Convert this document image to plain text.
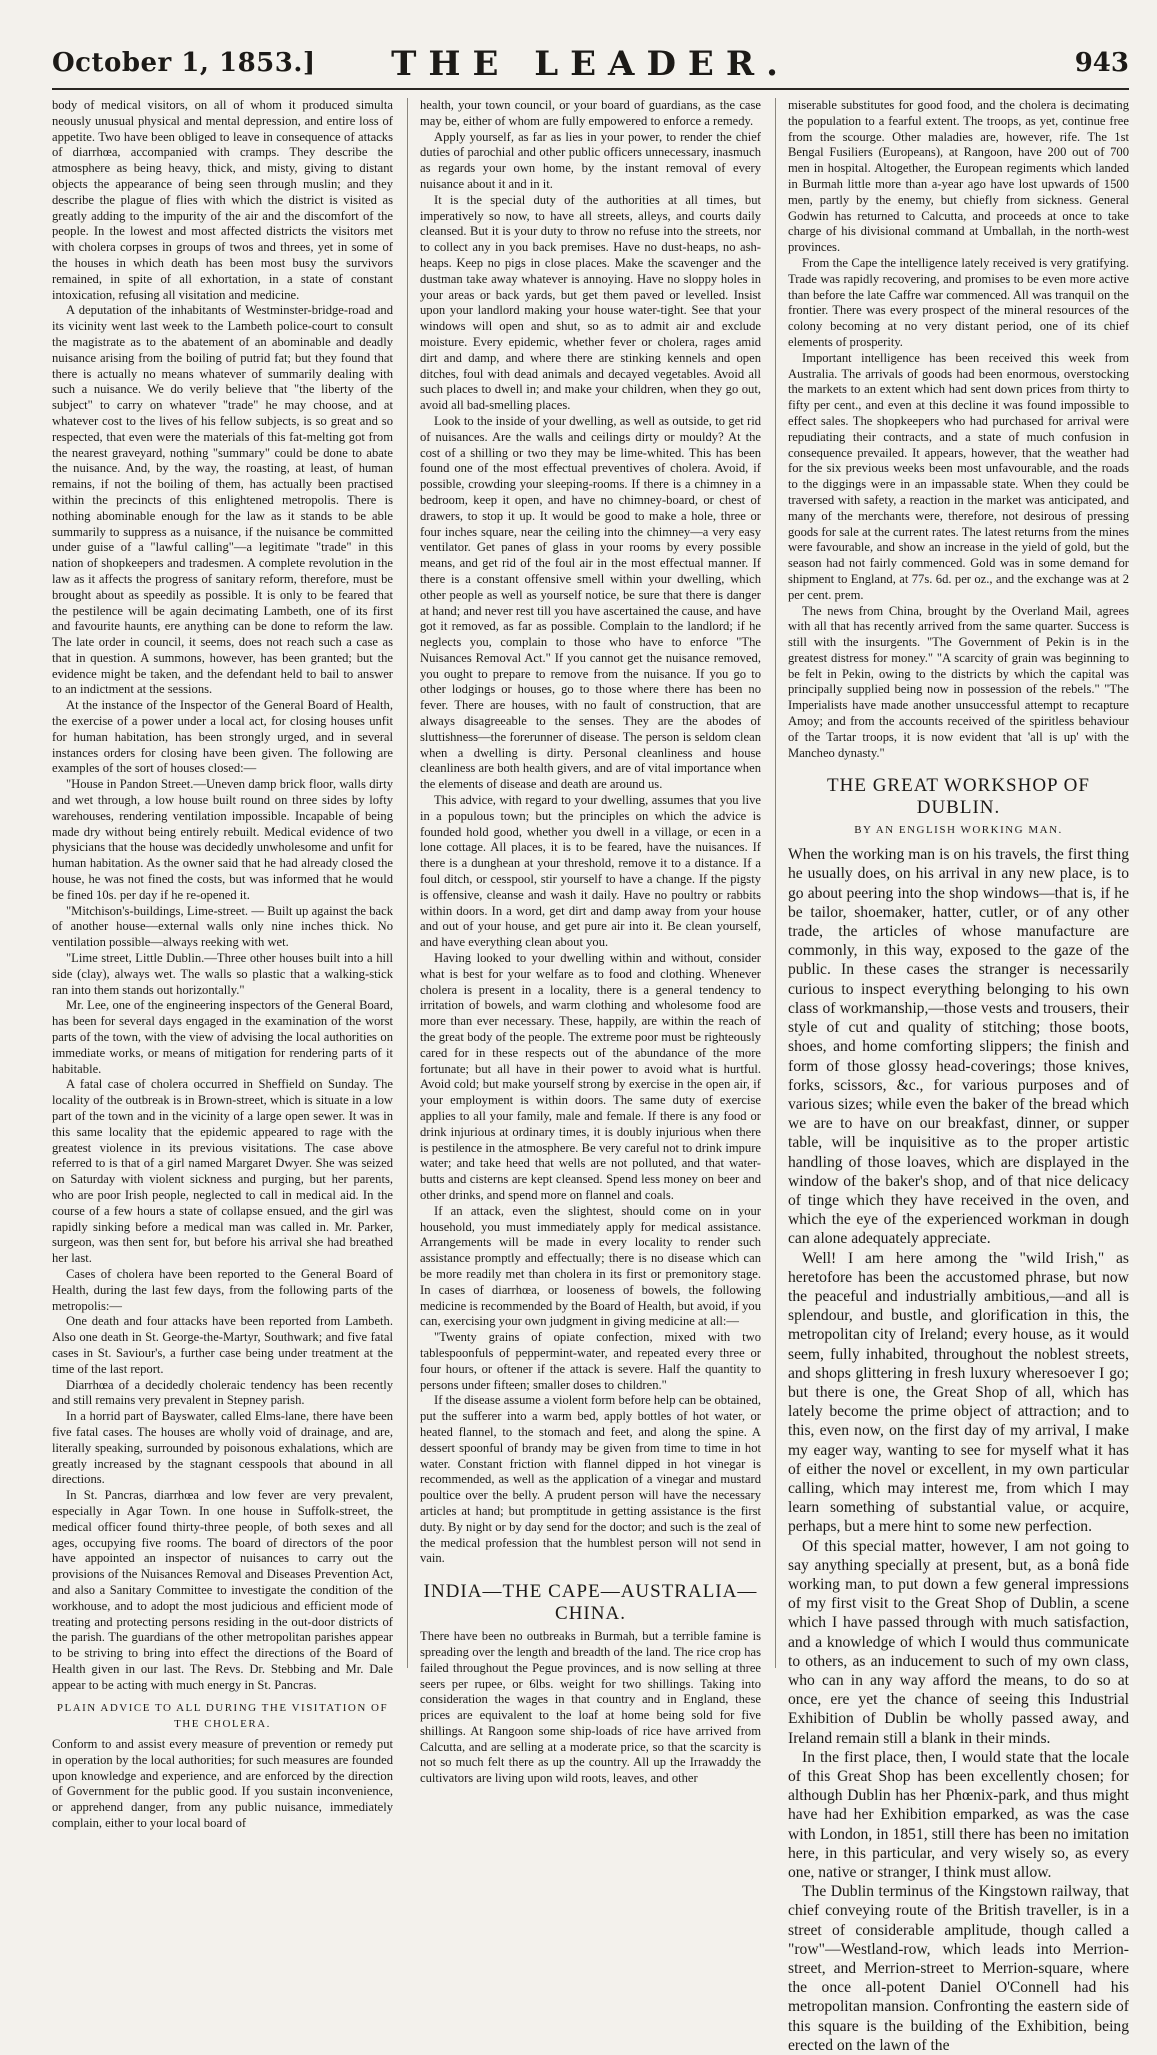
October 1, 1853.]	THE LEADER.	943

body of medical visitors, on all of whom it produced simulta neously unusual physical and mental depression, and entire loss of appetite. Two have been obliged to leave in consequence of attacks of diarrhœa, accompanied with cramps. They describe the atmosphere as being heavy, thick, and misty, giving to distant objects the appearance of being seen through muslin; and they describe the plague of flies with which the district is visited as greatly adding to the impurity of the air and the discomfort of the people. In the lowest and most affected districts the visitors met with cholera corpses in groups of twos and threes, yet in some of the houses in which death has been most busy the survivors remained, in spite of all exhortation, in a state of constant intoxication, refusing all visitation and medicine.

A deputation of the inhabitants of Westminster-bridge-road and its vicinity went last week to the Lambeth police-court to consult the magistrate as to the abatement of an abominable and deadly nuisance arising from the boiling of putrid fat; but they found that there is actually no means whatever of summarily dealing with such a nuisance. We do verily believe that "the liberty of the subject" to carry on whatever "trade" he may choose, and at whatever cost to the lives of his fellow subjects, is so great and so respected, that even were the materials of this fat-melting got from the nearest graveyard, nothing "summary" could be done to abate the nuisance. And, by the way, the roasting, at least, of human remains, if not the boiling of them, has actually been practised within the precincts of this enlightened metropolis. There is nothing abominable enough for the law as it stands to be able summarily to suppress as a nuisance, if the nuisance be committed under guise of a "lawful calling"—a legitimate "trade" in this nation of shopkeepers and tradesmen. A complete revolution in the law as it affects the progress of sanitary reform, therefore, must be brought about as speedily as possible. It is only to be feared that the pestilence will be again decimating Lambeth, one of its first and favourite haunts, ere anything can be done to reform the law. The late order in council, it seems, does not reach such a case as that in question. A summons, however, has been granted; but the evidence might be taken, and the defendant held to bail to answer to an indictment at the sessions.

At the instance of the Inspector of the General Board of Health, the exercise of a power under a local act, for closing houses unfit for human habitation, has been strongly urged, and in several instances orders for closing have been given. The following are examples of the sort of houses closed:—

"House in Pandon Street.—Uneven damp brick floor, walls dirty and wet through, a low house built round on three sides by lofty warehouses, rendering ventilation impossible. Incapable of being made dry without being entirely rebuilt. Medical evidence of two physicians that the house was decidedly unwholesome and unfit for human habitation. As the owner said that he had already closed the house, he was not fined the costs, but was informed that he would be fined 10s. per day if he re-opened it.

"Mitchison's-buildings, Lime-street. — Built up against the back of another house—external walls only nine inches thick. No ventilation possible—always reeking with wet.

"Lime street, Little Dublin.—Three other houses built into a hill side (clay), always wet. The walls so plastic that a walking-stick ran into them stands out horizontally."

Mr. Lee, one of the engineering inspectors of the General Board, has been for several days engaged in the examination of the worst parts of the town, with the view of advising the local authorities on immediate works, or means of mitigation for rendering parts of it habitable.

A fatal case of cholera occurred in Sheffield on Sunday. The locality of the outbreak is in Brown-street, which is situate in a low part of the town and in the vicinity of a large open sewer. It was in this same locality that the epidemic appeared to rage with the greatest violence in its previous visitations. The case above referred to is that of a girl named Margaret Dwyer. She was seized on Saturday with violent sickness and purging, but her parents, who are poor Irish people, neglected to call in medical aid. In the course of a few hours a state of collapse ensued, and the girl was rapidly sinking before a medical man was called in. Mr. Parker, surgeon, was then sent for, but before his arrival she had breathed her last.

Cases of cholera have been reported to the General Board of Health, during the last few days, from the following parts of the metropolis:—

One death and four attacks have been reported from Lambeth. Also one death in St. George-the-Martyr, Southwark; and five fatal cases in St. Saviour's, a further case being under treatment at the time of the last report.

Diarrhœa of a decidedly choleraic tendency has been recently and still remains very prevalent in Stepney parish.

In a horrid part of Bayswater, called Elms-lane, there have been five fatal cases. The houses are wholly void of drainage, and are, literally speaking, surrounded by poisonous exhalations, which are greatly increased by the stagnant cesspools that abound in all directions.

In St. Pancras, diarrhœa and low fever are very prevalent, especially in Agar Town. In one house in Suffolk-street, the medical officer found thirty-three people, of both sexes and all ages, occupying five rooms. The board of directors of the poor have appointed an inspector of nuisances to carry out the provisions of the Nuisances Removal and Diseases Prevention Act, and also a Sanitary Committee to investigate the condition of the workhouse, and to adopt the most judicious and efficient mode of treating and protecting persons residing in the out-door districts of the parish. The guardians of the other metropolitan parishes appear to be striving to bring into effect the directions of the Board of Health given in our last. The Revs. Dr. Stebbing and Mr. Dale appear to be acting with much energy in St. Pancras.

PLAIN ADVICE TO ALL DURING THE VISITATION OF THE CHOLERA.

Conform to and assist every measure of prevention or remedy put in operation by the local authorities; for such measures are founded upon knowledge and experience, and are enforced by the direction of Government for the public good. If you sustain inconvenience, or apprehend danger, from any public nuisance, immediately complain, either to your local board of

health, your town council, or your board of guardians, as the case may be, either of whom are fully empowered to enforce a remedy.

Apply yourself, as far as lies in your power, to render the chief duties of parochial and other public officers unnecessary, inasmuch as regards your own home, by the instant removal of every nuisance about it and in it.

It is the special duty of the authorities at all times, but imperatively so now, to have all streets, alleys, and courts daily cleansed. But it is your duty to throw no refuse into the streets, nor to collect any in you back premises. Have no dust-heaps, no ash-heaps. Keep no pigs in close places. Make the scavenger and the dustman take away whatever is annoying. Have no sloppy holes in your areas or back yards, but get them paved or levelled. Insist upon your landlord making your house water-tight. See that your windows will open and shut, so as to admit air and exclude moisture. Every epidemic, whether fever or cholera, rages amid dirt and damp, and where there are stinking kennels and open ditches, foul with dead animals and decayed vegetables. Avoid all such places to dwell in; and make your children, when they go out, avoid all bad-smelling places.

Look to the inside of your dwelling, as well as outside, to get rid of nuisances. Are the walls and ceilings dirty or mouldy? At the cost of a shilling or two they may be lime-whited. This has been found one of the most effectual preventives of cholera. Avoid, if possible, crowding your sleeping-rooms. If there is a chimney in a bedroom, keep it open, and have no chimney-board, or chest of drawers, to stop it up. It would be good to make a hole, three or four inches square, near the ceiling into the chimney—a very easy ventilator. Get panes of glass in your rooms by every possible means, and get rid of the foul air in the most effectual manner. If there is a constant offensive smell within your dwelling, which other people as well as yourself notice, be sure that there is danger at hand; and never rest till you have ascertained the cause, and have got it removed, as far as possible. Complain to the landlord; if he neglects you, complain to those who have to enforce "The Nuisances Removal Act." If you cannot get the nuisance removed, you ought to prepare to remove from the nuisance. If you go to other lodgings or houses, go to those where there has been no fever. There are houses, with no fault of construction, that are always disagreeable to the senses. They are the abodes of sluttishness—the forerunner of disease. The person is seldom clean when a dwelling is dirty. Personal cleanliness and house cleanliness are both health givers, and are of vital importance when the elements of disease and death are around us.

This advice, with regard to your dwelling, assumes that you live in a populous town; but the principles on which the advice is founded hold good, whether you dwell in a village, or ecen in a lone cottage. All places, it is to be feared, have the nuisances. If there is a dunghean at your threshold, remove it to a distance. If a foul ditch, or cesspool, stir yourself to have a change. If the pigsty is offensive, cleanse and wash it daily. Have no poultry or rabbits within doors. In a word, get dirt and damp away from your house and out of your house, and get pure air into it. Be clean yourself, and have everything clean about you.

Having looked to your dwelling within and without, consider what is best for your welfare as to food and clothing. Whenever cholera is present in a locality, there is a general tendency to irritation of bowels, and warm clothing and wholesome food are more than ever necessary. These, happily, are within the reach of the great body of the people. The extreme poor must be righteously cared for in these respects out of the abundance of the more fortunate; but all have in their power to avoid what is hurtful. Avoid cold; but make yourself strong by exercise in the open air, if your employment is within doors. The same duty of exercise applies to all your family, male and female. If there is any food or drink injurious at ordinary times, it is doubly injurious when there is pestilence in the atmosphere. Be very careful not to drink impure water; and take heed that wells are not polluted, and that water-butts and cisterns are kept cleansed. Spend less money on beer and other drinks, and spend more on flannel and coals.

If an attack, even the slightest, should come on in your household, you must immediately apply for medical assistance. Arrangements will be made in every locality to render such assistance promptly and effectually; there is no disease which can be more readily met than cholera in its first or premonitory stage. In cases of diarrhœa, or looseness of bowels, the following medicine is recommended by the Board of Health, but avoid, if you can, exercising your own judgment in giving medicine at all:—

"Twenty grains of opiate confection, mixed with two tablespoonfuls of peppermint-water, and repeated every three or four hours, or oftener if the attack is severe. Half the quantity to persons under fifteen; smaller doses to children."

If the disease assume a violent form before help can be obtained, put the sufferer into a warm bed, apply bottles of hot water, or heated flannel, to the stomach and feet, and along the spine. A dessert spoonful of brandy may be given from time to time in hot water. Constant friction with flannel dipped in hot vinegar is recommended, as well as the application of a vinegar and mustard poultice over the belly. A prudent person will have the necessary articles at hand; but promptitude in getting assistance is the first duty. By night or by day send for the doctor; and such is the zeal of the medical profession that the humblest person will not send in vain.

INDIA—THE CAPE—AUSTRALIA—CHINA.

There have been no outbreaks in Burmah, but a terrible famine is spreading over the length and breadth of the land. The rice crop has failed throughout the Pegue provinces, and is now selling at three seers per rupee, or 6lbs. weight for two shillings. Taking into consideration the wages in that country and in England, these prices are equivalent to the loaf at home being sold for five shillings. At Rangoon some ship-loads of rice have arrived from Calcutta, and are selling at a moderate price, so that the scarcity is not so much felt there as up the country. All up the Irrawaddy the cultivators are living upon wild roots, leaves, and other

miserable substitutes for good food, and the cholera is decimating the population to a fearful extent. The troops, as yet, continue free from the scourge. Other maladies are, however, rife. The 1st Bengal Fusiliers (Europeans), at Rangoon, have 200 out of 700 men in hospital. Altogether, the European regiments which landed in Burmah little more than a-year ago have lost upwards of 1500 men, partly by the enemy, but chiefly from sickness. General Godwin has returned to Calcutta, and proceeds at once to take charge of his divisional command at Umballah, in the north-west provinces.

From the Cape the intelligence lately received is very gratifying. Trade was rapidly recovering, and promises to be even more active than before the late Caffre war commenced. All was tranquil on the frontier. There was every prospect of the mineral resources of the colony becoming at no very distant period, one of its chief elements of prosperity.

Important intelligence has been received this week from Australia. The arrivals of goods had been enormous, overstocking the markets to an extent which had sent down prices from thirty to fifty per cent., and even at this decline it was found impossible to effect sales. The shopkeepers who had purchased for arrival were repudiating their contracts, and a state of much confusion in consequence prevailed. It appears, however, that the weather had for the six previous weeks been most unfavourable, and the roads to the diggings were in an impassable state. When they could be traversed with safety, a reaction in the market was anticipated, and many of the merchants were, therefore, not desirous of pressing goods for sale at the current rates. The latest returns from the mines were favourable, and show an increase in the yield of gold, but the season had not fairly commenced. Gold was in some demand for shipment to England, at 77s. 6d. per oz., and the exchange was at 2 per cent. prem.

The news from China, brought by the Overland Mail, agrees with all that has recently arrived from the same quarter. Success is still with the insurgents. "The Government of Pekin is in the greatest distress for money." "A scarcity of grain was beginning to be felt in Pekin, owing to the districts by which the capital was principally supplied being now in possession of the rebels." "The Imperialists have made another unsuccessful attempt to recapture Amoy; and from the accounts received of the spiritless behaviour of the Tartar troops, it is now evident that 'all is up' with the Mancheo dynasty."

THE GREAT WORKSHOP OF DUBLIN.
BY AN ENGLISH WORKING MAN.

When the working man is on his travels, the first thing he usually does, on his arrival in any new place, is to go about peering into the shop windows—that is, if he be tailor, shoemaker, hatter, cutler, or of any other trade, the articles of whose manufacture are commonly, in this way, exposed to the gaze of the public. In these cases the stranger is necessarily curious to inspect everything belonging to his own class of workmanship,—those vests and trousers, their style of cut and quality of stitching; those boots, shoes, and home comforting slippers; the finish and form of those glossy head-coverings; those knives, forks, scissors, &c., for various purposes and of various sizes; while even the baker of the bread which we are to have on our breakfast, dinner, or supper table, will be inquisitive as to the proper artistic handling of those loaves, which are displayed in the window of the baker's shop, and of that nice delicacy of tinge which they have received in the oven, and which the eye of the experienced workman in dough can alone adequately appreciate.

Well! I am here among the "wild Irish," as heretofore has been the accustomed phrase, but now the peaceful and industrially ambitious,—and all is splendour, and bustle, and glorification in this, the metropolitan city of Ireland; every house, as it would seem, fully inhabited, throughout the noblest streets, and shops glittering in fresh luxury wheresoever I go; but there is one, the Great Shop of all, which has lately become the prime object of attraction; and to this, even now, on the first day of my arrival, I make my eager way, wanting to see for myself what it has of either the novel or excellent, in my own particular calling, which may interest me, from which I may learn something of substantial value, or acquire, perhaps, but a mere hint to some new perfection.

Of this special matter, however, I am not going to say anything specially at present, but, as a bonâ fide working man, to put down a few general impressions of my first visit to the Great Shop of Dublin, a scene which I have passed through with much satisfaction, and a knowledge of which I would thus communicate to others, as an inducement to such of my own class, who can in any way afford the means, to do so at once, ere yet the chance of seeing this Industrial Exhibition of Dublin be wholly passed away, and Ireland remain still a blank in their minds.

In the first place, then, I would state that the locale of this Great Shop has been excellently chosen; for although Dublin has her Phœnix-park, and thus might have had her Exhibition emparked, as was the case with London, in 1851, still there has been no imitation here, in this particular, and very wisely so, as every one, native or stranger, I think must allow.

The Dublin terminus of the Kingstown railway, that chief conveying route of the British traveller, is in a street of considerable amplitude, though called a "row"—Westland-row, which leads into Merrion-street, and Merrion-street to Merrion-square, where the once all-potent Daniel O'Connell had his metropolitan mansion. Confronting the eastern side of this square is the building of the Exhibition, being erected on the lawn of the
